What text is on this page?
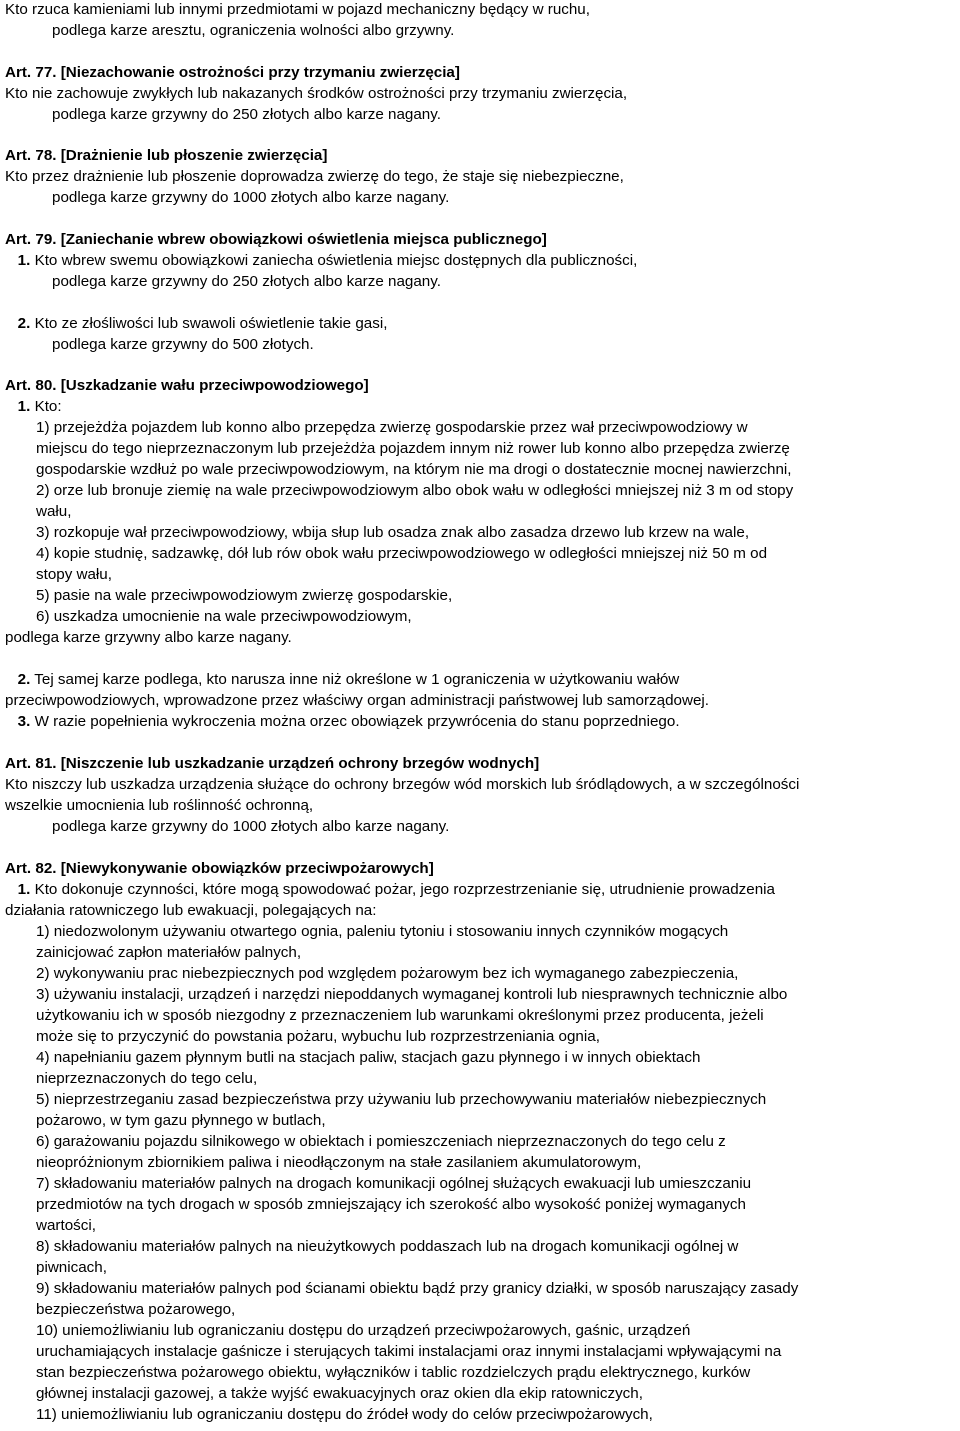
Kto rzuca kamieniami lub innymi przedmiotami w pojazd mechaniczny będący w ruchu,
podlega karze aresztu, ograniczenia wolności albo grzywny.
Art. 77. [Niezachowanie ostrożności przy trzymaniu zwierzęcia]
Kto nie zachowuje zwykłych lub nakazanych środków ostrożności przy trzymaniu zwierzęcia,
podlega karze grzywny do 250 złotych albo karze nagany.
Art. 78. [Drażnienie lub płoszenie zwierzęcia]
Kto przez drażnienie lub płoszenie doprowadza zwierzę do tego, że staje się niebezpieczne,
podlega karze grzywny do 1000 złotych albo karze nagany.
Art. 79. [Zaniechanie wbrew obowiązkowi oświetlenia miejsca publicznego]
1. Kto wbrew swemu obowiązkowi zaniecha oświetlenia miejsc dostępnych dla publiczności,
podlega karze grzywny do 250 złotych albo karze nagany.
2. Kto ze złośliwości lub swawoli oświetlenie takie gasi,
podlega karze grzywny do 500 złotych.
Art. 80. [Uszkadzanie wału przeciwpowodziowego]
1. Kto:
1) przejeżdża pojazdem lub konno albo przepędza zwierzę gospodarskie przez wał przeciwpowodziowy w
miejscu do tego nieprzeznaczonym lub przejeżdża pojazdem innym niż rower lub konno albo przepędza zwierzę
gospodarskie wzdłuż po wale przeciwpowodziowym, na którym nie ma drogi o dostatecznie mocnej nawierzchni,
2) orze lub bronuje ziemię na wale przeciwpowodziowym albo obok wału w odległości mniejszej niż 3 m od stopy
wału,
3) rozkopuje wał przeciwpowodziowy, wbija słup lub osadza znak albo zasadza drzewo lub krzew na wale,
4) kopie studnię, sadzawkę, dół lub rów obok wału przeciwpowodziowego w odległości mniejszej niż 50 m od
stopy wału,
5) pasie na wale przeciwpowodziowym zwierzę gospodarskie,
6) uszkadza umocnienie na wale przeciwpowodziowym,
podlega karze grzywny albo karze nagany.
2. Tej samej karze podlega, kto narusza inne niż określone w 1 ograniczenia w użytkowaniu wałów
przeciwpowodziowych, wprowadzone przez właściwy organ administracji państwowej lub samorządowej.
3. W razie popełnienia wykroczenia można orzec obowiązek przywrócenia do stanu poprzedniego.
Art. 81. [Niszczenie lub uszkadzanie urządzeń ochrony brzegów wodnych]
Kto niszczy lub uszkadza urządzenia służące do ochrony brzegów wód morskich lub śródlądowych, a w szczególności
wszelkie umocnienia lub roślinność ochronną,
podlega karze grzywny do 1000 złotych albo karze nagany.
Art. 82. [Niewykonywanie obowiązków przeciwpożarowych]
1. Kto dokonuje czynności, które mogą spowodować pożar, jego rozprzestrzenianie się, utrudnienie prowadzenia
działania ratowniczego lub ewakuacji, polegających na:
1) niedozwolonym używaniu otwartego ognia, paleniu tytoniu i stosowaniu innych czynników mogących
zainicjować zapłon materiałów palnych,
2) wykonywaniu prac niebezpiecznych pod względem pożarowym bez ich wymaganego zabezpieczenia,
3) używaniu instalacji, urządzeń i narzędzi niepoddanych wymaganej kontroli lub niesprawnych technicznie albo
użytkowaniu ich w sposób niezgodny z przeznaczeniem lub warunkami określonymi przez producenta, jeżeli
może się to przyczynić do powstania pożaru, wybuchu lub rozprzestrzeniania ognia,
4) napełnianiu gazem płynnym butli na stacjach paliw, stacjach gazu płynnego i w innych obiektach
nieprzeznaczonych do tego celu,
5) nieprzestrzeganiu zasad bezpieczeństwa przy używaniu lub przechowywaniu materiałów niebezpiecznych
pożarowo, w tym gazu płynnego w butlach,
6) garażowaniu pojazdu silnikowego w obiektach i pomieszczeniach nieprzeznaczonych do tego celu z
nieopróżnionym zbiornikiem paliwa i nieodłączonym na stałe zasilaniem akumulatorowym,
7) składowaniu materiałów palnych na drogach komunikacji ogólnej służących ewakuacji lub umieszczaniu
przedmiotów na tych drogach w sposób zmniejszający ich szerokość albo wysokość poniżej wymaganych
wartości,
8) składowaniu materiałów palnych na nieużytkowych poddaszach lub na drogach komunikacji ogólnej w
piwnicach,
9) składowaniu materiałów palnych pod ścianami obiektu bądź przy granicy działki, w sposób naruszający zasady
bezpieczeństwa pożarowego,
10) uniemożliwianiu lub ograniczaniu dostępu do urządzeń przeciwpożarowych, gaśnic, urządzeń
uruchamiających instalacje gaśnicze i sterujących takimi instalacjami oraz innymi instalacjami wpływającymi na
stan bezpieczeństwa pożarowego obiektu, wyłączników i tablic rozdzielczych prądu elektrycznego, kurków
głównej instalacji gazowej, a także wyjść ewakuacyjnych oraz okien dla ekip ratowniczych,
11) uniemożliwianiu lub ograniczaniu dostępu do źródeł wody do celów przeciwpożarowych,
